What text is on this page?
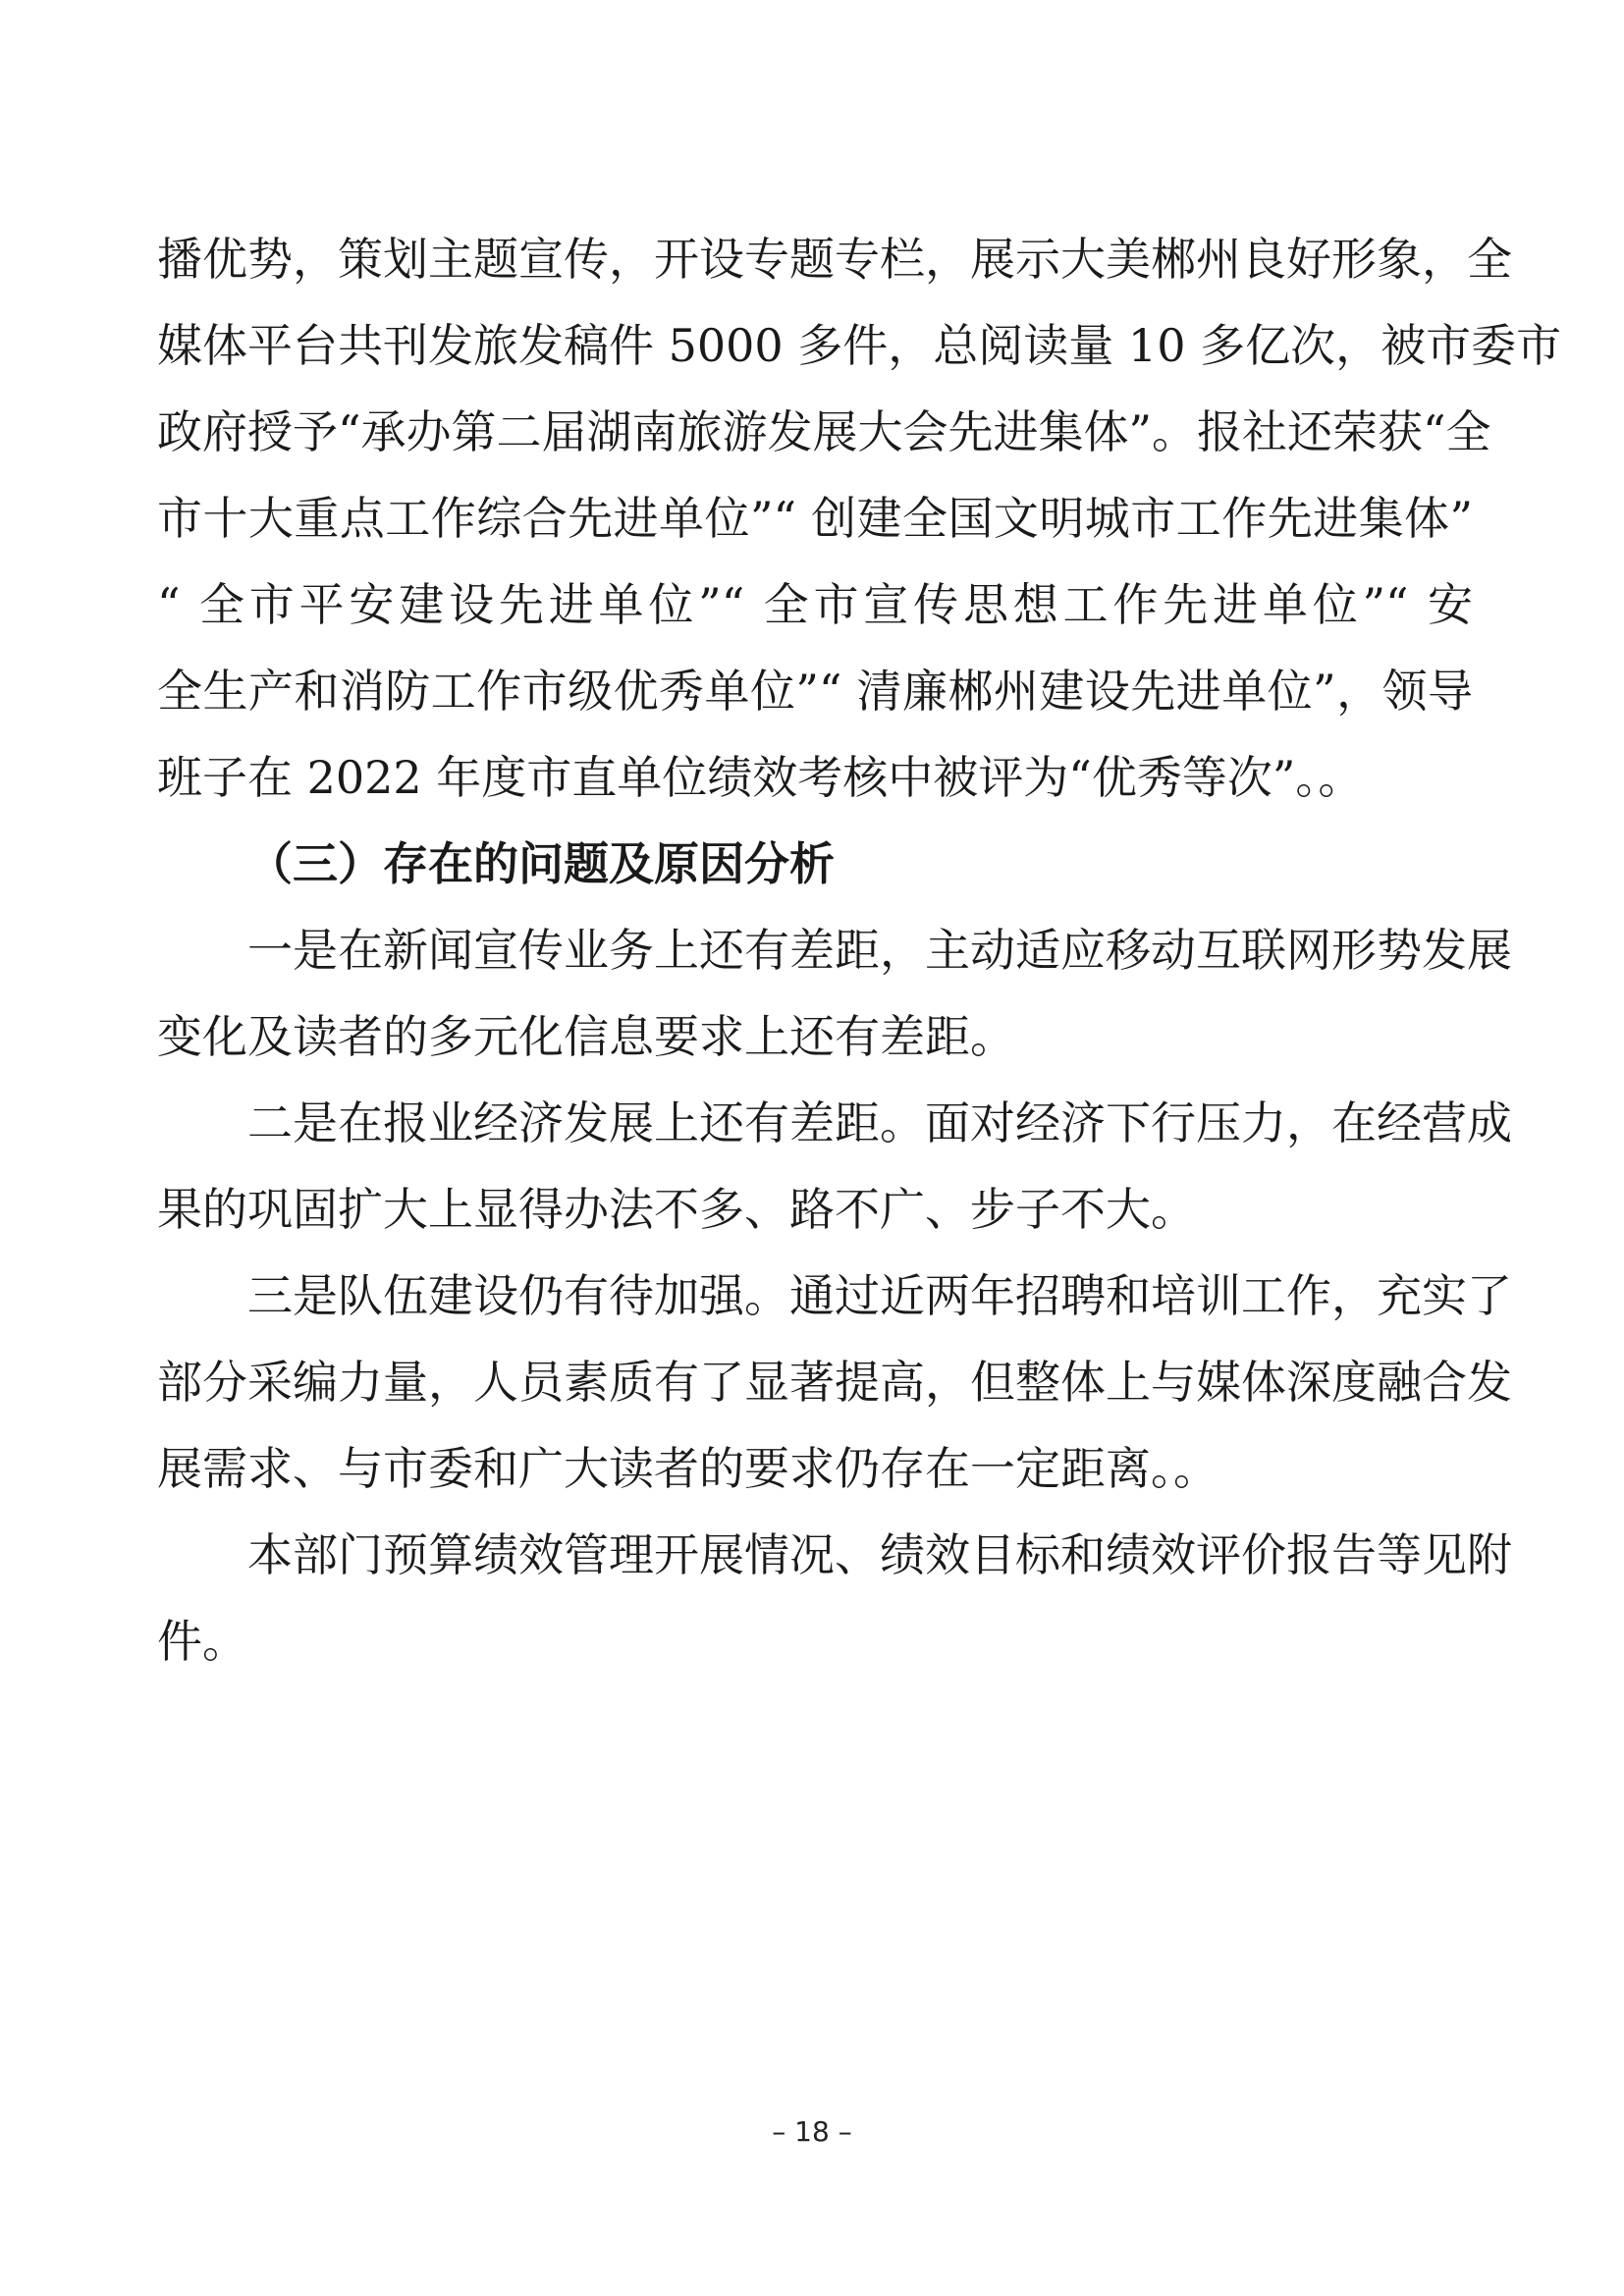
播优势，策划主题宣传，开设专题专栏，展示大美郴州良好形象，全
媒体平台共刊发旅发稿件 5000 多件，总阅读量 10 多亿次，被市委市
政府授予“承办第二届湖南旅游发展大会先进集体”。报社还荣获“全
市十大重点工作综合先进单位”“ 创建全国文明城市工作先进集体”
“ 全市平安建设先进单位”“ 全市宣传思想工作先进单位”“ 安
全生产和消防工作市级优秀单位”“ 清廉郴州建设先进单位”，领导
班子在 2022 年度市直单位绩效考核中被评为“优秀等次”。。
（三）存在的问题及原因分析
一是在新闻宣传业务上还有差距，主动适应移动互联网形势发展
变化及读者的多元化信息要求上还有差距。
二是在报业经济发展上还有差距。面对经济下行压力，在经营成
果的巩固扩大上显得办法不多、路不广、步子不大。
三是队伍建设仍有待加强。通过近两年招聘和培训工作，充实了
部分采编力量，人员素质有了显著提高，但整体上与媒体深度融合发
展需求、与市委和广大读者的要求仍存在一定距离。。
本部门预算绩效管理开展情况、绩效目标和绩效评价报告等见附
件。
– 18 –
